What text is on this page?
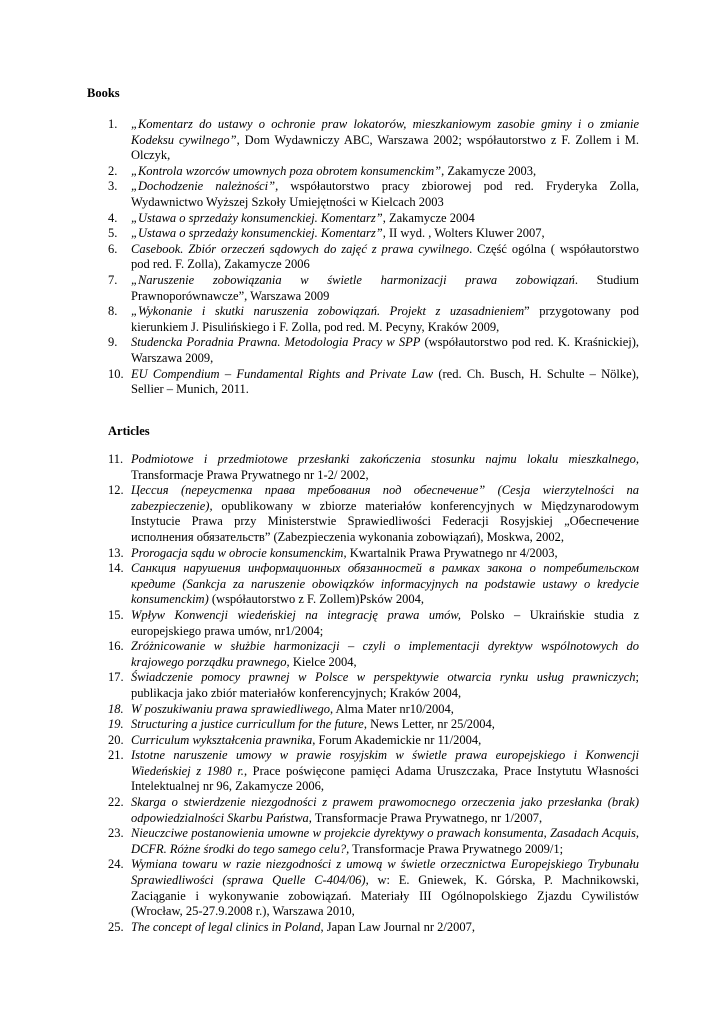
Books
1.	„Komentarz do ustawy o ochronie praw lokatorów, mieszkaniowym zasobie gminy i o zmianie Kodeksu cywilnego”, Dom Wydawniczy ABC, Warszawa 2002; współautorstwo z F. Zollem i M. Olczyk,
2.	„Kontrola wzorców umownych poza obrotem konsumenckim”, Zakamycze 2003,
3.	„Dochodzenie należności”, współautorstwo pracy zbiorowej pod red. Fryderyka Zolla, Wydawnictwo Wyższej Szkoły Umiejętności w Kielcach 2003
4.	„Ustawa o sprzedaży konsumenckiej. Komentarz”, Zakamycze 2004
5.	„Ustawa o sprzedaży konsumenckiej. Komentarz”, II wyd. , Wolters Kluwer 2007,
6.	Casebook. Zbiór orzeczeń sądowych do zajęć z prawa cywilnego. Część ogólna ( współautorstwo pod red. F. Zolla), Zakamycze 2006
7.	„Naruszenie zobowiązania w świetle harmonizacji prawa zobowiązań. Studium Prawnoporównawcze”, Warszawa 2009
8.	„Wykonanie i skutki naruszenia zobowiązań. Projekt z uzasadnieniem” przygotowany pod kierunkiem J. Pisulińskiego i F. Zolla, pod red. M. Pecyny, Kraków 2009,
9.	Studencka Poradnia Prawna. Metodologia Pracy w SPP (współautorstwo pod red. K. Kraśnickiej), Warszawa 2009,
10. EU Compendium – Fundamental Rights and Private Law (red. Ch. Busch, H. Schulte – Nölke), Sellier – Munich, 2011.
Articles
11. Podmiotowe i przedmiotowe przesłanki zakończenia stosunku najmu lokalu mieszkalnego, Transformacje Prawa Prywatnego nr 1-2/ 2002,
12. Цессия (переустепка права требования под обеспечение” (Cesja wierzytelności na zabezpieczenie), opublikowany w zbiorze materiałów konferencyjnych w Międzynarodowym Instytucie Prawa przy Ministerstwie Sprawiedliwości Federacji Rosyjskiej „Обеспечение исполнения обязательств” (Zabezpieczenia wykonania zobowiązań), Moskwa, 2002,
13. Prorogacja sądu w obrocie konsumenckim, Kwartalnik Prawa Prywatnego nr 4/2003,
14. Санкция нарушения информационных обязанностей в рамках закона о потребительском кредите (Sankcja za naruszenie obowiązków informacyjnych na podstawie ustawy o kredycie konsumenckim) (współautorstwo z F. Zollem)Psków 2004,
15. Wpływ Konwencji wiedeńskiej na integrację prawa umów, Polsko – Ukraińskie studia z europejskiego prawa umów, nr1/2004;
16. Zróżnicowanie w służbie harmonizacji – czyli o implementacji dyrektyw wspólnotowych do krajowego porządku prawnego, Kielce 2004,
17. Świadczenie pomocy prawnej w Polsce w perspektywie otwarcia rynku usług prawniczych; publikacja jako zbiór materiałów konferencyjnych; Kraków 2004,
18. W poszukiwaniu prawa sprawiedliwego, Alma Mater nr10/2004,
19. Structuring a justice curricullum for the future, News Letter, nr 25/2004,
20. Curriculum wykształcenia prawnika, Forum Akademickie nr 11/2004,
21. Istotne naruszenie umowy w prawie rosyjskim w świetle prawa europejskiego i Konwencji Wiedeńskiej z 1980 r., Prace poświęcone pamięci Adama Uruszczaka, Prace Instytutu Własności Intelektualnej nr 96, Zakamycze 2006,
22. Skarga o stwierdzenie niezgodności z prawem prawomocnego orzeczenia jako przesłanka (brak) odpowiedzialności Skarbu Państwa, Transformacje Prawa Prywatnego, nr 1/2007,
23. Nieuczciwe postanowienia umowne w projekcie dyrektywy o prawach konsumenta, Zasadach Acquis, DCFR. Różne środki do tego samego celu?, Transformacje Prawa Prywatnego 2009/1;
24. Wymiana towaru w razie niezgodności z umową w świetle orzecznictwa Europejskiego Trybunału Sprawiedliwości (sprawa Quelle C-404/06), w: E. Gniewek, K. Górska, P. Machnikowski, Zaciąganie i wykonywanie zobowiązań. Materiały III Ogólnopolskiego Zjazdu Cywilistów (Wrocław, 25-27.9.2008 r.), Warszawa 2010,
25. The concept of legal clinics in Poland, Japan Law Journal nr 2/2007,
